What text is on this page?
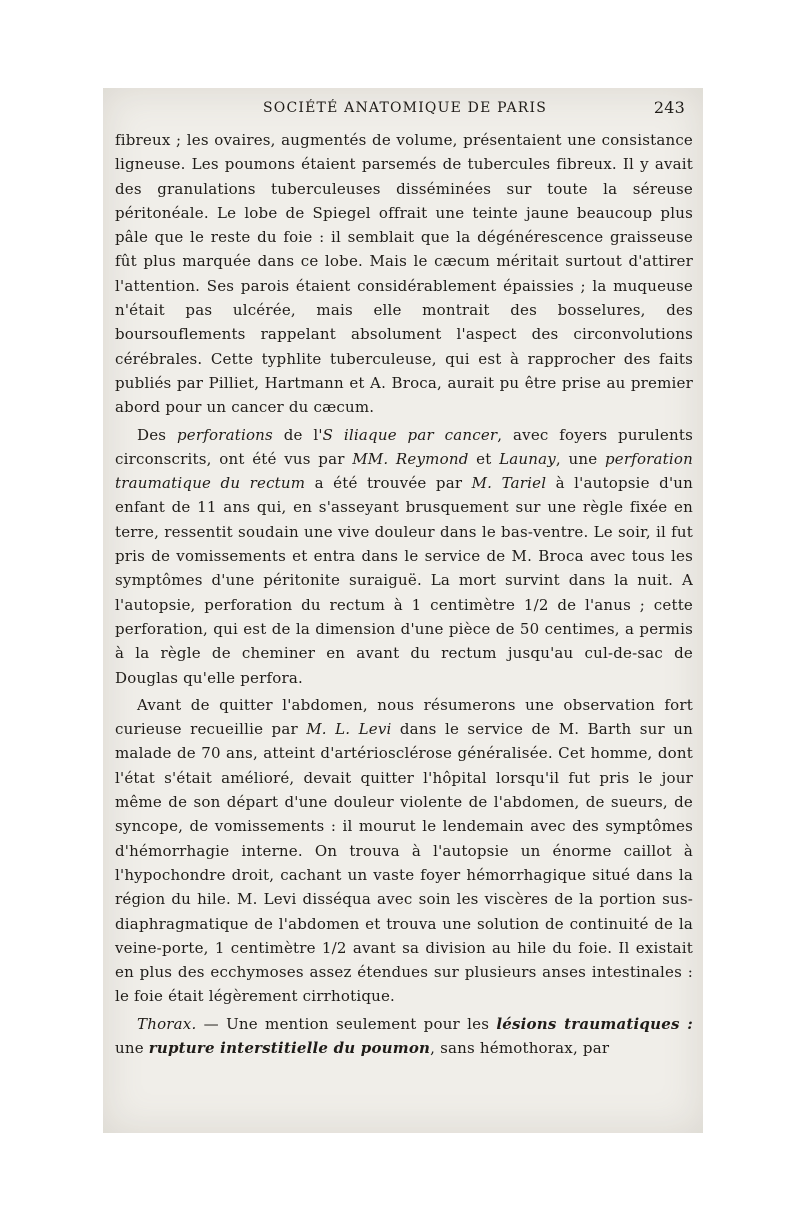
SOCIÉTÉ ANATOMIQUE DE PARIS	243

fibreux ; les ovaires, augmentés de volume, présentaient une consistance ligneuse. Les poumons étaient parsemés de tubercules fibreux. Il y avait des granulations tuberculeuses disséminées sur toute la séreuse péritonéale. Le lobe de Spiegel offrait une teinte jaune beaucoup plus pâle que le reste du foie : il semblait que la dégénérescence graisseuse fût plus marquée dans ce lobe. Mais le cæcum méritait surtout d'attirer l'attention. Ses parois étaient considérablement épaissies ; la muqueuse n'était pas ulcérée, mais elle montrait des bosselures, des boursouflements rappelant absolument l'aspect des circonvolutions cérébrales. Cette typhlite tuberculeuse, qui est à rapprocher des faits publiés par Pilliet, Hartmann et A. Broca, aurait pu être prise au premier abord pour un cancer du cæcum.

Des perforations de l'S iliaque par cancer, avec foyers purulents circonscrits, ont été vus par MM. Reymond et Launay, une perforation traumatique du rectum a été trouvée par M. Tariel à l'autopsie d'un enfant de 11 ans qui, en s'asseyant brusquement sur une règle fixée en terre, ressentit soudain une vive douleur dans le bas-ventre. Le soir, il fut pris de vomissements et entra dans le service de M. Broca avec tous les symptômes d'une péritonite suraiguë. La mort survint dans la nuit. A l'autopsie, perforation du rectum à 1 centimètre 1/2 de l'anus ; cette perforation, qui est de la dimension d'une pièce de 50 centimes, a permis à la règle de cheminer en avant du rectum jusqu'au cul-de-sac de Douglas qu'elle perfora.

Avant de quitter l'abdomen, nous résumerons une observation fort curieuse recueillie par M. L. Levi dans le service de M. Barth sur un malade de 70 ans, atteint d'artériosclérose généralisée. Cet homme, dont l'état s'était amélioré, devait quitter l'hôpital lorsqu'il fut pris le jour même de son départ d'une douleur violente de l'abdomen, de sueurs, de syncope, de vomissements : il mourut le lendemain avec des symptômes d'hémorrhagie interne. On trouva à l'autopsie un énorme caillot à l'hypochondre droit, cachant un vaste foyer hémorrhagique situé dans la région du hile. M. Levi disséqua avec soin les viscères de la portion sus-diaphragmatique de l'abdomen et trouva une solution de continuité de la veine-porte, 1 centimètre 1/2 avant sa division au hile du foie. Il existait en plus des ecchymoses assez étendues sur plusieurs anses intestinales : le foie était légèrement cirrhotique.

Thorax. — Une mention seulement pour les lésions traumatiques : une rupture interstitielle du poumon, sans hémothorax, par
